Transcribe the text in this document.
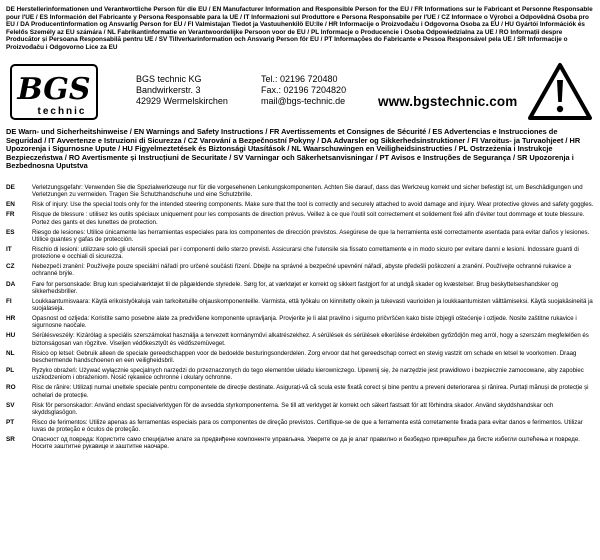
DE Herstellerinformationen und Verantwortliche Person für die EU / EN Manufacturer Information and Responsible Person for the EU / FR Informations sur le Fabricant et Personne Responsable pour l'UE / ES Información del Fabricante y Persona Responsable para la UE / IT Informazioni sul Produttore e Persona Responsabile per l'UE / CZ Informace o Výrobci a Odpovědná Osoba pro EU / DA Producentinformation og Ansvarlig Person for EU / FI Valmistajan Tiedot ja Vastuuhenkilö EU:lle / HR Informacije o Proizvođaču i Odgovorna Osoba za EU / HU Gyártói Információk és Felelős Személy az EU számára / NL Fabrikantinformatie en Verantwoordelijke Persoon voor de EU / PL Informacje o Producencie i Osoba Odpowiedzialna za UE / RO Informații despre Producător și Persoana Responsabilă pentru UE / SV Tillverkarinformation och Ansvarig Person för EU / PT Informações do Fabricante e Pessoa Responsável pela UE / SR Informacije o Proizvođaču i Odgovorno Lice za EU

BGS
technic
BGS technic KG
Bandwirkerstr. 3
42929 Wermelskirchen
Tel.: 02196 720480
Fax.: 02196 7204820
mail@bgs-technic.de www.bgstechnic.com
DE Warn- und Sicherheitshinweise / EN Warnings and Safety Instructions / FR Avertissements et Consignes de Sécurité / ES Advertencias e Instrucciones de Seguridad / IT Avvertenze e Istruzioni di Sicurezza / CZ Varování a Bezpečnostní Pokyny / DA Advarsler og Sikkerhedsinstruktioner / FI Varoitus- ja Turvaohjeet / HR Upozorenja i Sigurnosne Upute / HU Figyelmeztetések és Biztonsági Utasítások / NL Waarschuwingen en Veiligheidsinstructies / PL Ostrzeżenia i Instrukcje Bezpieczeństwa / RO Avertismente și Instrucțiuni de Securitate / SV Varningar och Säkerhetsanvisningar / PT Avisos e Instruções de Segurança / SR Upozorenja i Bezbednosna Uputstva
DE	Verletzungsgefahr: Verwenden Sie die Spezialwerkzeuge nur für die vorgesehenen Lenkungskomponenten. Achten Sie darauf, dass das Werkzeug korrekt und sicher befestigt ist, um Beschädigungen und Verletzungen zu vermeiden. Tragen Sie Schutzhandschuhe und eine Schutzbrille.
EN	Risk of injury: Use the special tools only for the intended steering components. Make sure that the tool is correctly and securely attached to avoid damage and injury. Wear protective gloves and safety goggles.
FR	Risque de blessure : utilisez les outils spéciaux uniquement pour les composants de direction prévus. Veillez à ce que l'outil soit correctement et solidement fixé afin d'éviter tout dommage et toute blessure. Portez des gants et des lunettes de protection.
ES	Riesgo de lesiones: Utilice únicamente las herramientas especiales para los componentes de dirección previstos. Asegúrese de que la herramienta esté correctamente asentada para evitar daños y lesiones. Utilice guantes y gafas de protección.
IT	Rischio di lesioni: utilizzare solo gli utensili speciali per i componenti dello sterzo previsti. Assicurarsi che l'utensile sia fissato correttamente e in modo sicuro per evitare danni e lesioni. Indossare guanti di protezione e occhiali di sicurezza.
CZ	Nebezpečí zranění: Používejte pouze speciální nářadí pro určené součásti řízení. Dbejte na správné a bezpečné upevnění nářadí, abyste předešli poškození a zranění. Používejte ochranné rukavice a ochranné brýle.
DA	Fare for personskade: Brug kun specialværktøjet til de pågældende styredele. Sørg for, at værktøjet er korrekt og sikkert fastgjort for at undgå skader og kvæstelser. Brug beskyttelseshandsker og sikkerhedsbriller.
FI	Loukkaantumisvaara: Käytä erikoistyökaluja vain tarkoitetuille ohjauskomponenteille. Varmista, että työkalu on kiinnitetty oikein ja tukevasti vaurioiden ja loukkaantumisten välttämiseksi. Käytä suojakäsineitä ja suojalaseja.
HR	Opasnost od ozljeda: Koristite samo posebne alate za predviđene komponente upravljanja. Provjerite je li alat pravilno i sigurno pričvršćen kako biste izbjegli oštećenje i ozljede. Nosite zaštitne rukavice i sigurnosne naočale.
HU	Sérülésveszély: Kizárólag a speciális szerszámokat használja a tervezett kormányművi alkatrészekhez. A sérülések és sérülések elkerülése érdekében győződjön meg arról, hogy a szerszám megfelelően és biztonságosan van rögzítve. Viseljen védőkesztyűt és védőszemüveget.
NL	Risico op letsel: Gebruik alleen de speciale gereedschappen voor de bedoelde besturingsonderdelen. Zorg ervoor dat het gereedschap correct en stevig vastzit om schade en letsel te voorkomen. Draag beschermende handschoenen en een veiligheidsbril.
PL	Ryzyko obrażeń: Używać wyłącznie specjalnych narzędzi do przeznaczonych do tego elementów układu kierowniczego. Upewnij się, że narzędzie jest prawidłowo i bezpiecznie zamocowane, aby zapobiec uszkodzeniom i obrażeniom. Nosić rękawice ochronne i okulary ochronne.
RO	Risc de rănire: Utilizați numai uneltele speciale pentru componentele de direcție destinate. Asigurați-vă că scula este fixată corect și bine pentru a preveni deteriorarea și rănirea. Purtați mănuși de protecție și ochelari de protecție.
SV	Risk för personskador: Använd endast specialverktygen för de avsedda styrkomponenterna. Se till att verktyget är korrekt och säkert fastsatt för att förhindra skador. Använd skyddshandskar och skyddsglasögon.
PT	Risco de ferimentos: Utilize apenas as ferramentas especiais para os componentes de direção previstos. Certifique-se de que a ferramenta está corretamente fixada para evitar danos e ferimentos. Utilizar luvas de proteção e óculos de proteção.
SR	Опасност од повреда: Користите само специјалне алате за предвиђене компоненте управљача. Уверите се да је алат правилно и безбедно причвршћен да бисте избегли оштећења и повреде. Носите заштитне рукавице и заштитне наочаре.
